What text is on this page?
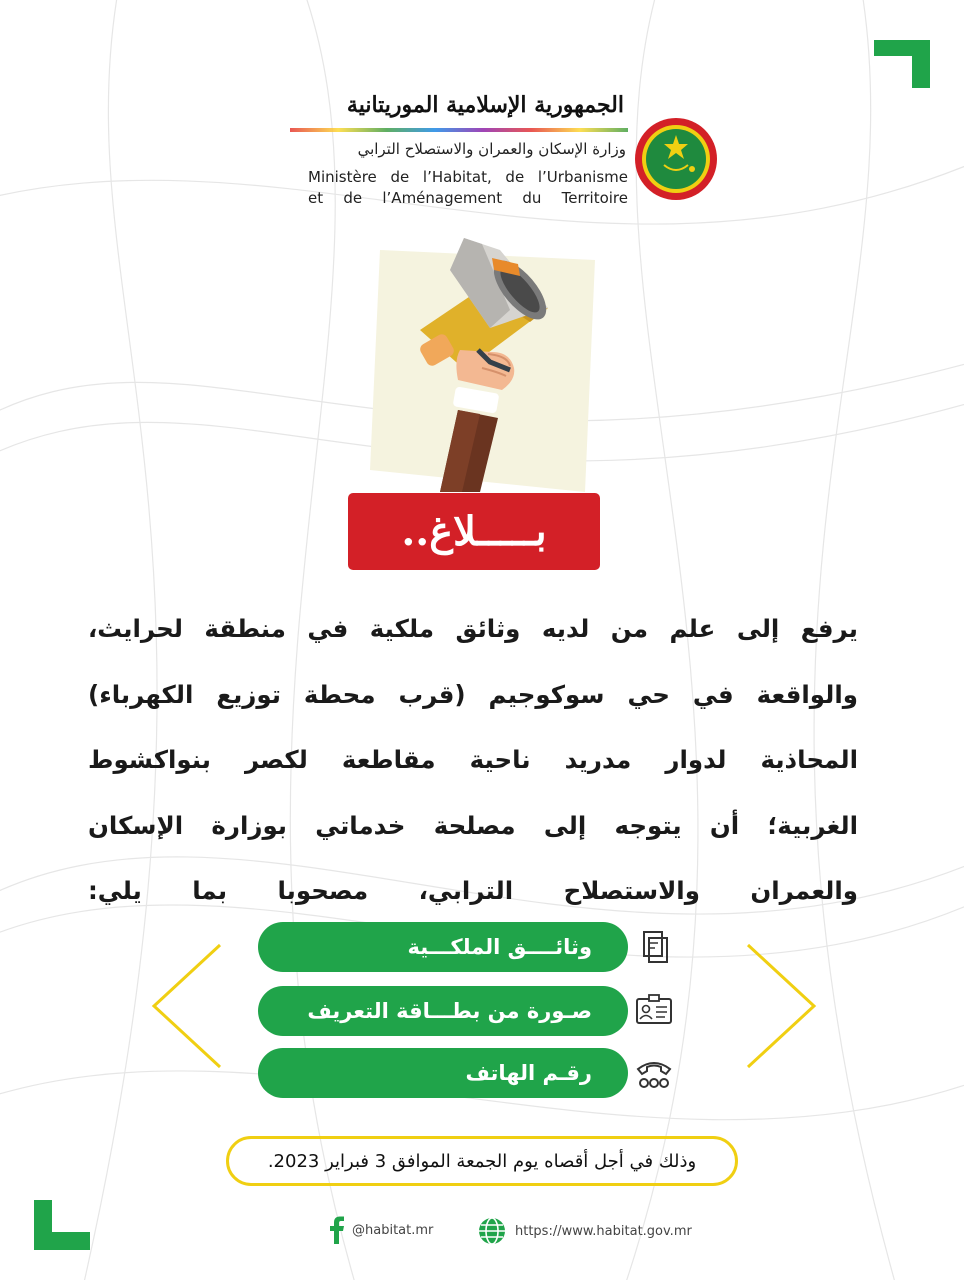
الجمهورية الإسلامية الموريتانية
وزارة الإسكان والعمران والاستصلاح الترابي
Ministère de l’Habitat, de l’Urbanisme
et de l’Aménagement du Territoire
بـــــلاغ..
يرفع إلى علم من لديه وثائق ملكية في منطقة لحرايث،
والواقعة في حي سوكوجيم (قرب محطة توزيع الكهرباء)
المحاذية لدوار مدريد ناحية مقاطعة لكصر بنواكشوط
الغربية؛ أن يتوجه إلى مصلحة خدماتي بوزارة الإسكان
والعمران والاستصلاح الترابي، مصحوبا بما يلي:
وثائــــق الملكـــية
صـورة من بطـــاقة التعريف
رقـم الهاتف
وذلك في أجل أقصاه يوم الجمعة الموافق 3 فبراير 2023.
@habitat.mr	https://www.habitat.gov.mr
